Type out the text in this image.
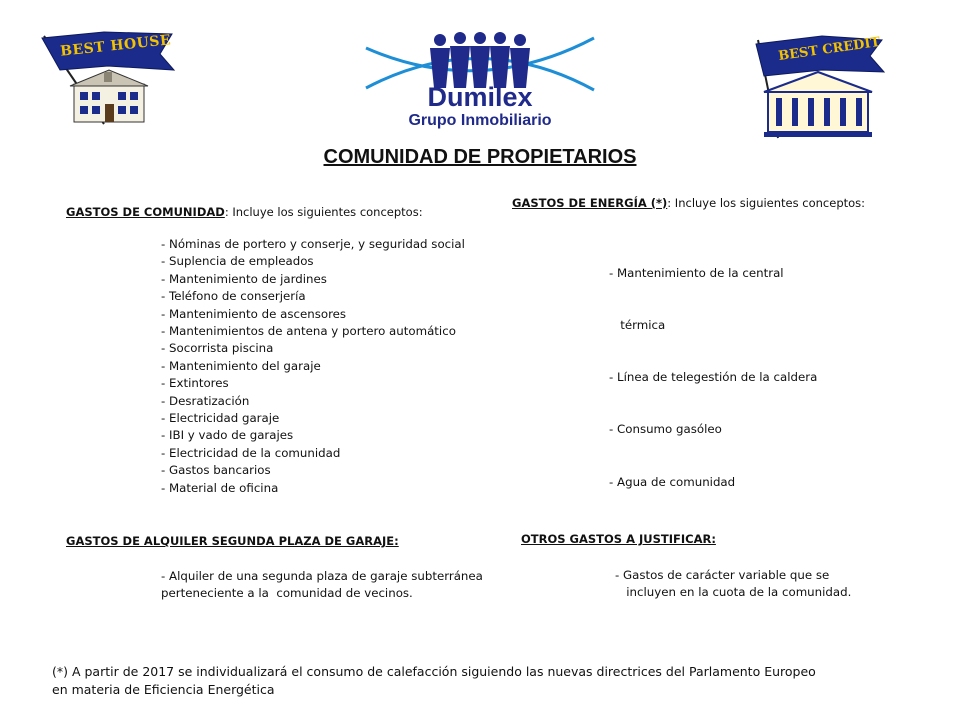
BEST HOUSE
Dumilex
Grupo Inmobiliario
BEST CREDIT
COMUNIDAD DE PROPIETARIOS
GASTOS DE COMUNIDAD: Incluye los siguientes conceptos:
- Nóminas de portero y conserje, y seguridad social
- Suplencia de empleados
- Mantenimiento de jardines
- Teléfono de conserjería
- Mantenimiento de ascensores
- Mantenimientos de antena y portero automático
- Socorrista piscina
- Mantenimiento del garaje
- Extintores
- Desratización
- Electricidad garaje
- IBI y vado de garajes
- Electricidad de la comunidad
- Gastos bancarios
- Material de oficina
GASTOS DE ENERGÍA (*): Incluye los siguientes conceptos:

- Mantenimiento de la central

térmica

- Línea de telegestión de la caldera

- Consumo gasóleo

- Agua de comunidad

GASTOS DE ALQUILER SEGUNDA PLAZA DE GARAJE:
- Alquiler de una segunda plaza de garaje subterránea
perteneciente a la  comunidad de vecinos.
OTROS GASTOS A JUSTIFICAR:
- Gastos de carácter variable que se
incluyen en la cuota de la comunidad.
(*) A partir de 2017 se individualizará el consumo de calefacción siguiendo las nuevas directrices del Parlamento Europeo
en materia de Eficiencia Energética
